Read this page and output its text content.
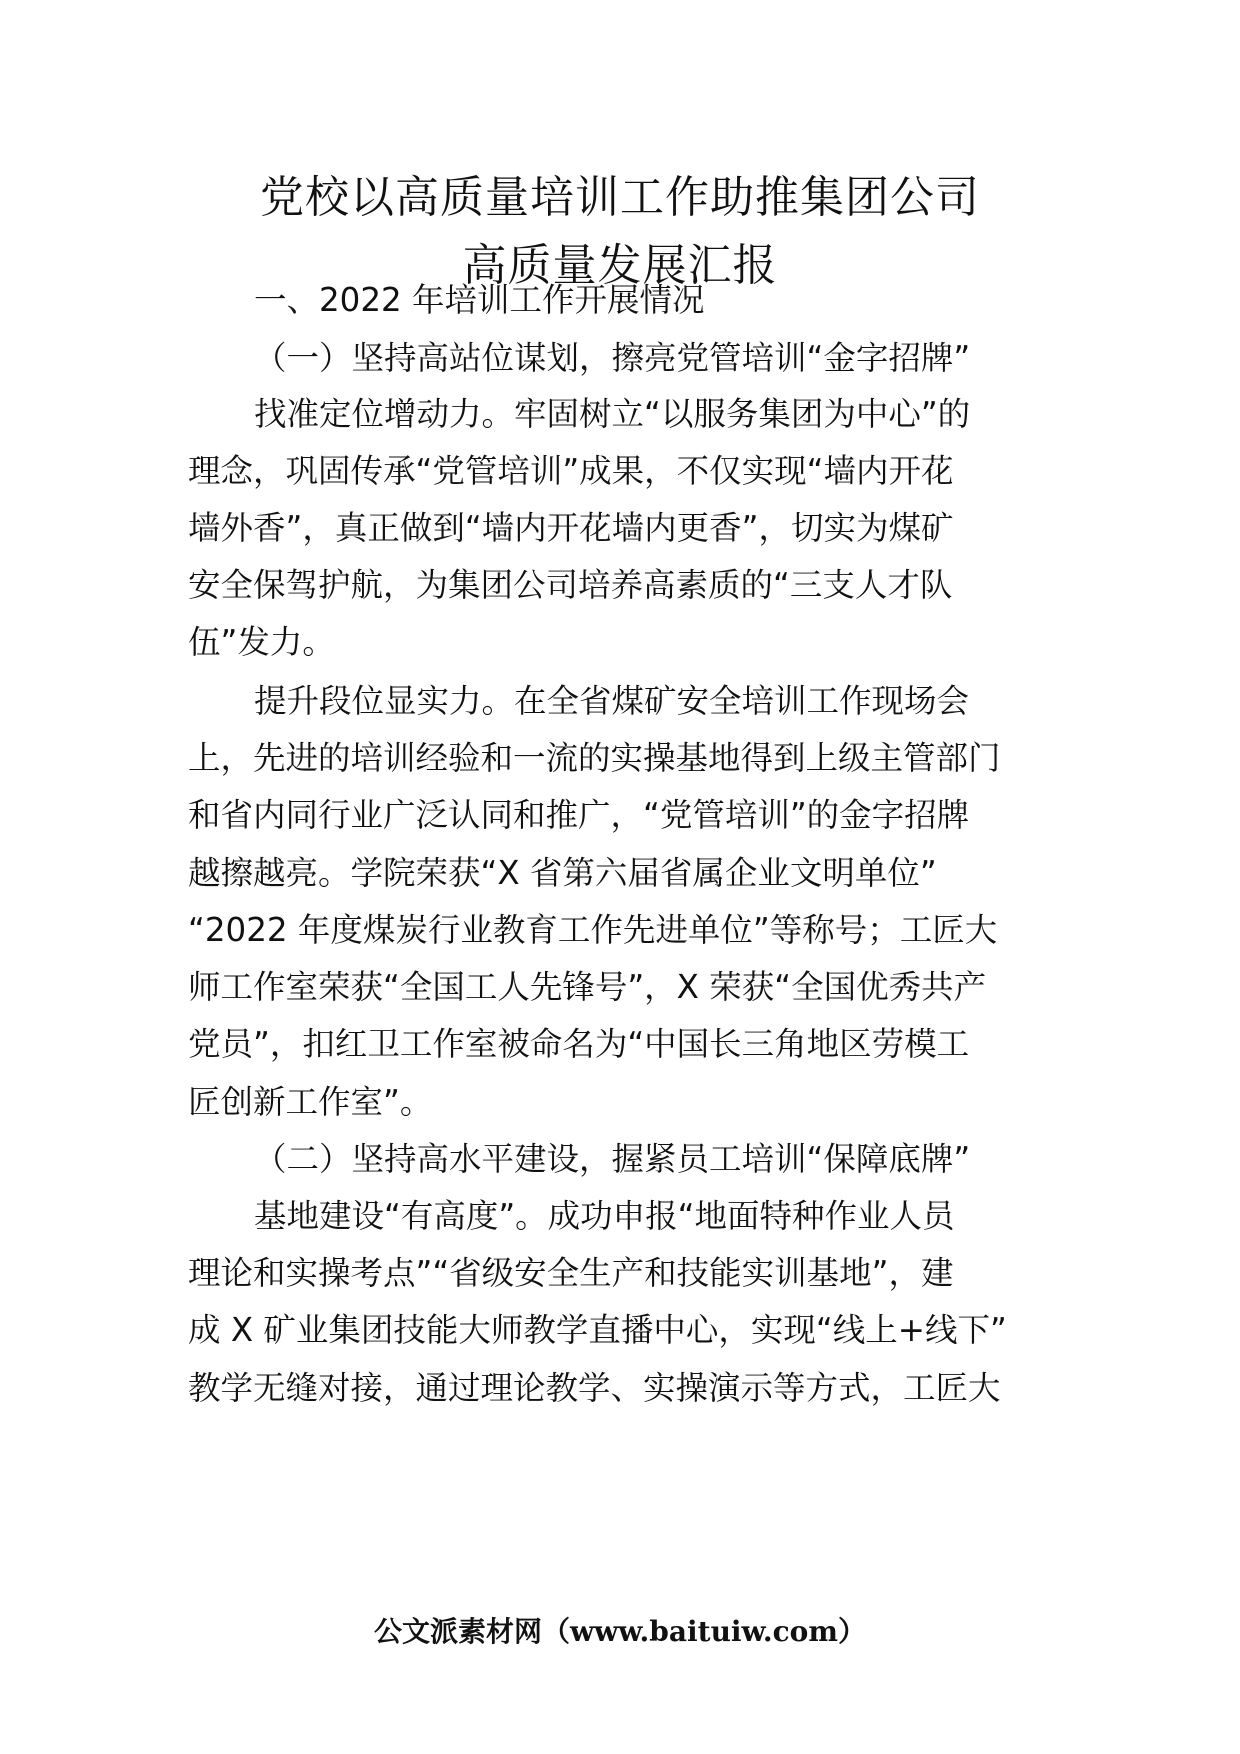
党校以高质量培训工作助推集团公司
高质量发展汇报

一、2022 年培训工作开展情况

（一）坚持高站位谋划，擦亮党管培训“金字招牌”

找准定位增动力。牢固树立“以服务集团为中心”的

理念，巩固传承“党管培训”成果，不仅实现“墙内开花

墙外香”，真正做到“墙内开花墙内更香”，切实为煤矿

安全保驾护航，为集团公司培养高素质的“三支人才队

伍”发力。

提升段位显实力。在全省煤矿安全培训工作现场会

上，先进的培训经验和一流的实操基地得到上级主管部门

和省内同行业广泛认同和推广，“党管培训”的金字招牌

越擦越亮。学院荣获“X 省第六届省属企业文明单位”

“2022 年度煤炭行业教育工作先进单位”等称号；工匠大

师工作室荣获“全国工人先锋号”，X 荣获“全国优秀共产

党员”，扣红卫工作室被命名为“中国长三角地区劳模工

匠创新工作室”。

（二）坚持高水平建设，握紧员工培训“保障底牌”

基地建设“有高度”。成功申报“地面特种作业人员

理论和实操考点”“省级安全生产和技能实训基地”，建

成 X 矿业集团技能大师教学直播中心，实现“线上+线下”

教学无缝对接，通过理论教学、实操演示等方式，工匠大

公文派素材网（www.baituiw.com）
